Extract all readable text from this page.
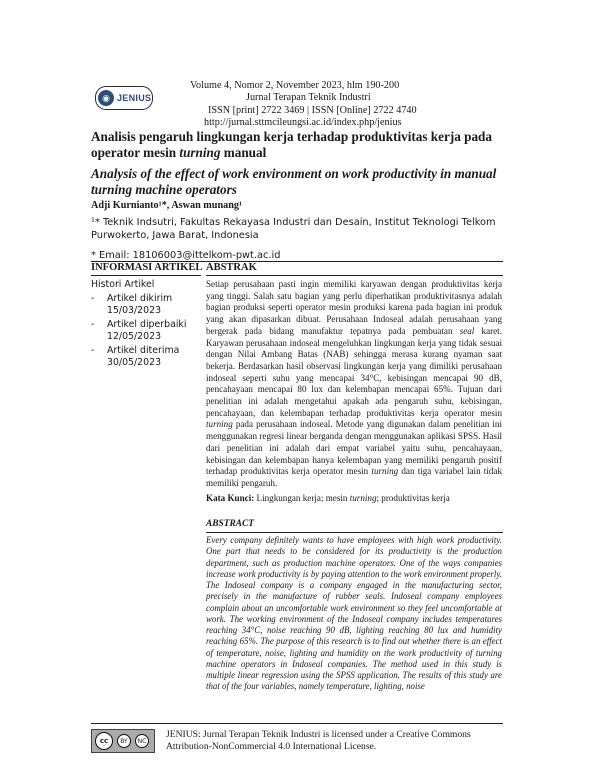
◉ JENIUS
Volume 4, Nomor 2, November 2023, hlm 190-200
Jurnal Terapan Teknik Industri
ISSN [print] 2722 3469 | ISSN [Online] 2722 4740
http://jurnal.sttmcileungsi.ac.id/index.php/jenius
Analisis pengaruh lingkungan kerja terhadap produktivitas kerja pada operator mesin turning manual
Analysis of the effect of work environment on work productivity in manual turning machine operators
Adji Kurnianto¹*, Aswan munang¹
¹* Teknik Indsutri, Fakultas Rekayasa Industri dan Desain, Institut Teknologi Telkom Purwokerto, Jawa Barat, Indonesia
* Email: 18106003@ittelkom-pwt.ac.id
INFORMASI ARTIKEL ABSTRAK
Histori Artikel
- Artikel dikirim
15/03/2023
- Artikel diperbaiki
12/05/2023
- Artikel diterima
30/05/2023
Setiap perusahaan pasti ingin memiliki karyawan dengan produktivitas kerja yang tinggi. Salah satu bagian yang perlu diperhatikan produktivitasnya adalah bagian produksi seperti operator mesin produksi karena pada bagian ini produk yang akan dipasarkan dibuat. Perusahaan Indoseal adalah perusahaan yang bergerak pada bidang manufaktur tepatnya pada pembuatan seal karet. Karyawan perusahaan indoseal mengeluhkan lingkungan kerja yang tidak sesuai dengan Nilai Ambang Batas (NAB) sehingga merasa kurang nyaman saat bekerja. Berdasarkan hasil observasi lingkungan kerja yang dimiliki perusahaan indoseal seperti suhu yang mencapai 34°C, kebisingan mencapai 90 dB, pencahayaan mencapai 80 lux dan kelembapan mencapai 65%. Tujuan dari penelitian ini adalah mengetahui apakah ada pengaruh suhu, kebisingan, pencahayaan, dan kelembapan terhadap produktivitas kerja operator mesin turning pada perusahaan indoseal. Metode yang digunakan dalam penelitian ini menggunakan regresi linear berganda dengan menggunakan aplikasi SPSS. Hasil dari penelitian ini adalah dari empat variabel yaitu suhu, pencahayaan, kebisingan dan kelembapan hanya kelembapan yang memiliki pengaruh positif terhadap produktivitas kerja operator mesin turning dan tiga variabel lain tidak memiliki pengaruh.
Kata Kunci: Lingkungan kerja; mesin turning; produktivitas kerja
ABSTRACT
Every company definitely wants to have employees with high work productivity. One part that needs to be considered for its productivity is the production department, such as production machine operators. One of the ways companies increase work productivity is by paying attention to the work environment properly. The Indoseal company is a company engaged in the manufacturing sector, precisely in the manufacture of rubber seals. Indoseal company employees complain about an uncomfortable work environment so they feel uncomfortable at work. The working environment of the Indoseal company includes temperatures reaching 34°C, noise reaching 90 dB, lighting reaching 80 lux and humidity reaching 65%. The purpose of this research is to find out whether there is an effect of temperature, noise, lighting and humidity on the work productivity of turning machine operators in Indoseal companies. The method used in this study is multiple linear regression using the SPSS application. The results of this study are that of the four variables, namely temperature, lighting, noise
cc	BY	NC
JENIUS: Jurnal Terapan Teknik Industri is licensed under a Creative Commons Attribution-NonCommercial 4.0 International License.
